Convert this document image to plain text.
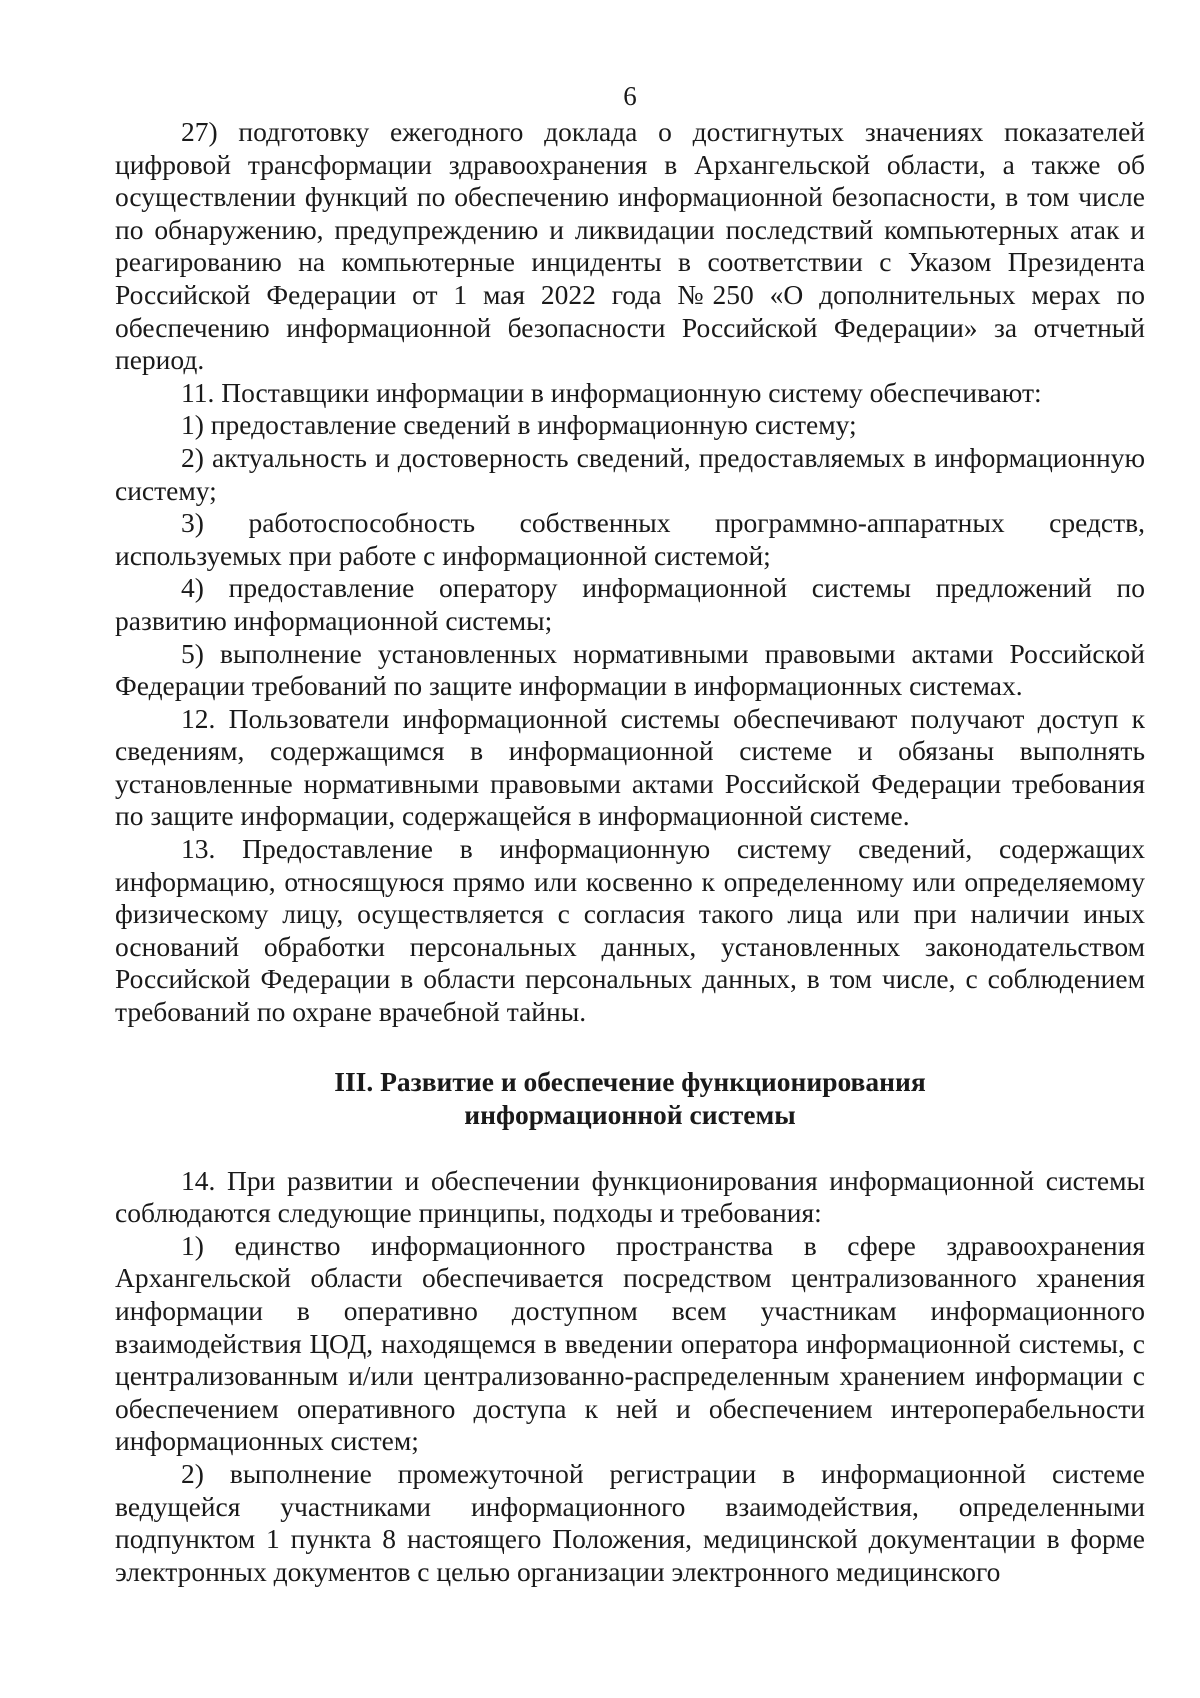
6

27) подготовку ежегодного доклада о достигнутых значениях показателей цифровой трансформации здравоохранения в Архангельской области, а также об осуществлении функций по обеспечению информационной безопасности, в том числе по обнаружению, предупреждению и ликвидации последствий компьютерных атак и реагированию на компьютерные инциденты в соответствии с Указом Президента Российской Федерации от 1 мая 2022 года №250 «О дополнительных мерах по обеспечению информационной безопасности Российской Федерации» за отчетный период.

11. Поставщики информации в информационную систему обеспечивают:

1) предоставление сведений в информационную систему;

2) актуальность и достоверность сведений, предоставляемых в информационную систему;

3) работоспособность собственных программно-аппаратных средств, используемых при работе с информационной системой;

4) предоставление оператору информационной системы предложений по развитию информационной системы;

5) выполнение установленных нормативными правовыми актами Российской Федерации требований по защите информации в информационных системах.

12. Пользователи информационной системы обеспечивают получают доступ к сведениям, содержащимся в информационной системе и обязаны выполнять установленные нормативными правовыми актами Российской Федерации требования по защите информации, содержащейся в информационной системе.

13. Предоставление в информационную систему сведений, содержащих информацию, относящуюся прямо или косвенно к определенному или определяемому физическому лицу, осуществляется с согласия такого лица или при наличии иных оснований обработки персональных данных, установленных законодательством Российской Федерации в области персональных данных, в том числе, с соблюдением требований по охране врачебной тайны.

III. Развитие и обеспечение функционирования
информационной системы

14. При развитии и обеспечении функционирования информационной системы соблюдаются следующие принципы, подходы и требования:

1) единство информационного пространства в сфере здравоохранения Архангельской области обеспечивается посредством централизованного хранения информации в оперативно доступном всем участникам информационного взаимодействия ЦОД, находящемся в введении оператора информационной системы, с централизованным и/или централизованно-распределенным хранением информации с обеспечением оперативного доступа к ней и обеспечением интероперабельности информационных систем;

2) выполнение промежуточной регистрации в информационной системе ведущейся участниками информационного взаимодействия, определенными подпунктом 1 пункта 8 настоящего Положения, медицинской документации в форме электронных документов с целью организации электронного медицинского
